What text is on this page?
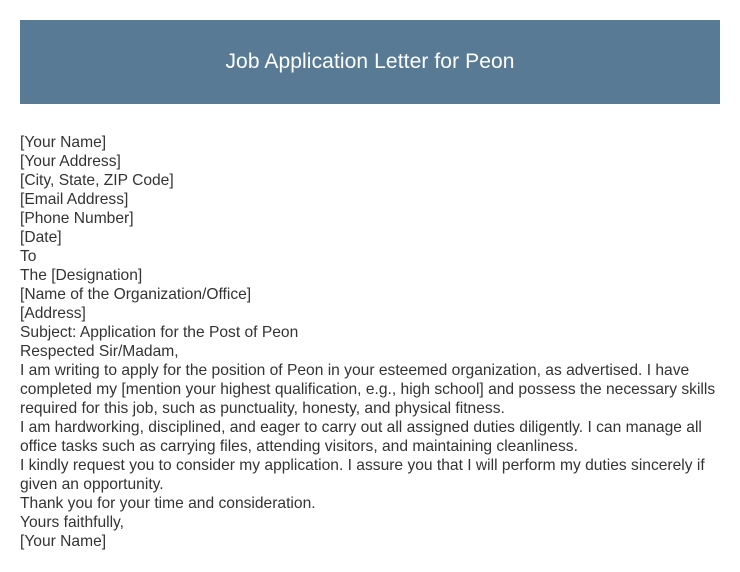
Job Application Letter for Peon
[Your Name]
[Your Address]
[City, State, ZIP Code]
[Email Address]
[Phone Number]
[Date]
To
The [Designation]
[Name of the Organization/Office]
[Address]
Subject: Application for the Post of Peon
Respected Sir/Madam,
I am writing to apply for the position of Peon in your esteemed organization, as advertised. I have completed my [mention your highest qualification, e.g., high school] and possess the necessary skills required for this job, such as punctuality, honesty, and physical fitness.
I am hardworking, disciplined, and eager to carry out all assigned duties diligently. I can manage all office tasks such as carrying files, attending visitors, and maintaining cleanliness.
I kindly request you to consider my application. I assure you that I will perform my duties sincerely if given an opportunity.
Thank you for your time and consideration.
Yours faithfully,
[Your Name]
